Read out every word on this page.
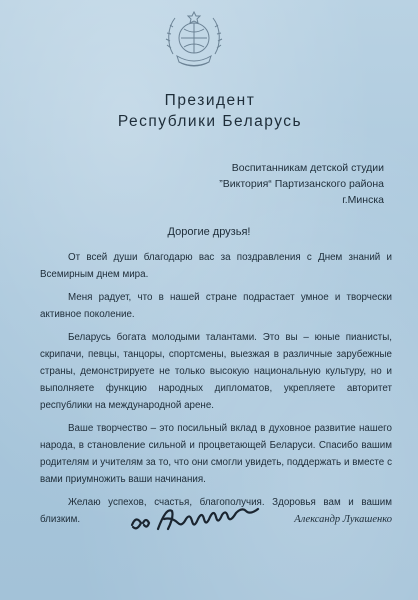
Президент
Республики Беларусь
Воспитанникам детской студии
”Виктория“ Партизанского района
г.Минска
Дорогие друзья!

От всей души благодарю вас за поздравления с Днем знаний и Всемирным днем мира.

Меня радует, что в нашей стране подрастает умное и творчески активное поколение.

Беларусь богата молодыми талантами. Это вы – юные пианисты, скрипачи, певцы, танцоры, спортсмены, выезжая в различные зарубежные страны, демонстрируете не только высокую национальную культуру, но и выполняете функцию народных дипломатов, укрепляете авторитет республики на международной арене.

Ваше творчество – это посильный вклад в духовное развитие нашего народа, в становление сильной и процветающей Беларуси. Спасибо вашим родителям и учителям за то, что они смогли увидеть, поддержать и вместе с вами приумножить ваши начинания.

Желаю успехов, счастья, благополучия. Здоровья вам и вашим близким.	Александр Лукашенко
